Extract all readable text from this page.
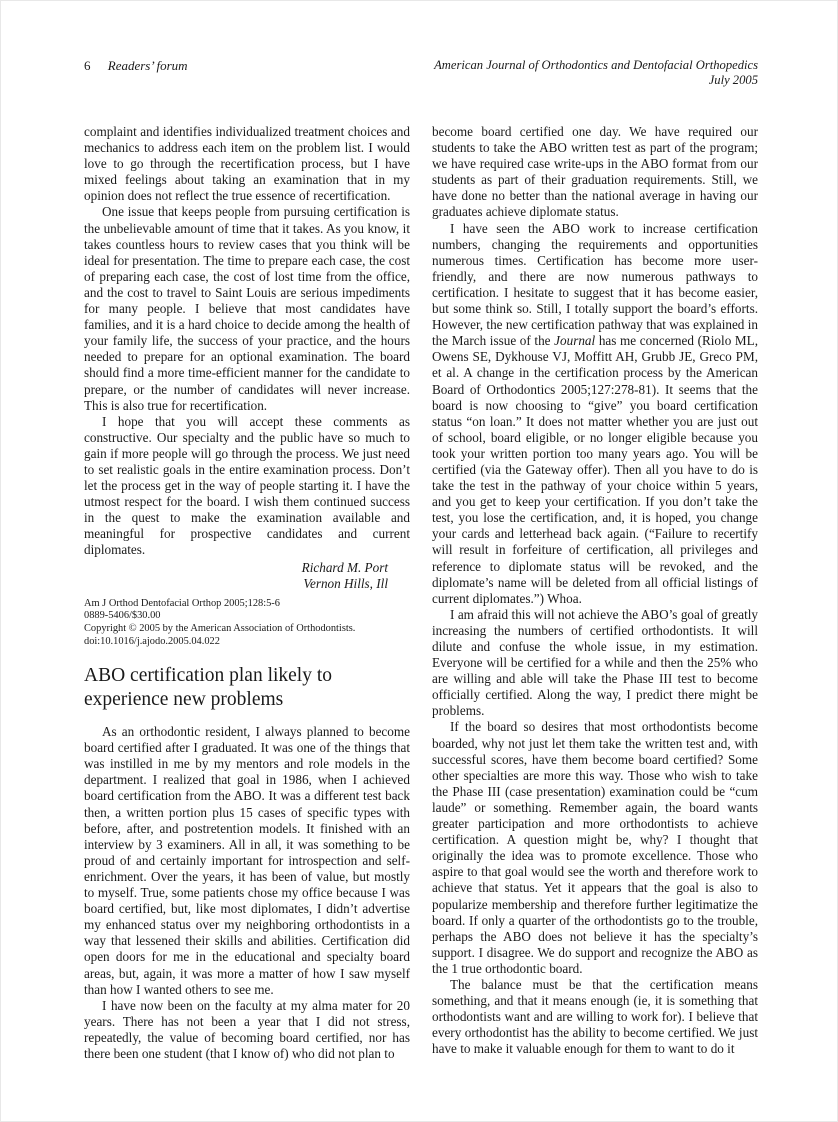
6 Readers’ forum	American Journal of Orthodontics and Dentofacial Orthopedics
July 2005

complaint and identifies individualized treatment choices and mechanics to address each item on the problem list. I would love to go through the recertification process, but I have mixed feelings about taking an examination that in my opinion does not reflect the true essence of recertification.

One issue that keeps people from pursuing certification is the unbelievable amount of time that it takes. As you know, it takes countless hours to review cases that you think will be ideal for presentation. The time to prepare each case, the cost of preparing each case, the cost of lost time from the office, and the cost to travel to Saint Louis are serious impediments for many people. I believe that most candidates have families, and it is a hard choice to decide among the health of your family life, the success of your practice, and the hours needed to prepare for an optional examination. The board should find a more time-efficient manner for the candidate to prepare, or the number of candidates will never increase. This is also true for recertification.

I hope that you will accept these comments as constructive. Our specialty and the public have so much to gain if more people will go through the process. We just need to set realistic goals in the entire examination process. Don’t let the process get in the way of people starting it. I have the utmost respect for the board. I wish them continued success in the quest to make the examination available and meaningful for prospective candidates and current diplomates.

Richard M. Port
Vernon Hills, Ill
Am J Orthod Dentofacial Orthop 2005;128:5-6
0889-5406/$30.00
Copyright © 2005 by the American Association of Orthodontists.
doi:10.1016/j.ajodo.2005.04.022
ABO certification plan likely to experience new problems

As an orthodontic resident, I always planned to become board certified after I graduated. It was one of the things that was instilled in me by my mentors and role models in the department. I realized that goal in 1986, when I achieved board certification from the ABO. It was a different test back then, a written portion plus 15 cases of specific types with before, after, and postretention models. It finished with an interview by 3 examiners. All in all, it was something to be proud of and certainly important for introspection and self-enrichment. Over the years, it has been of value, but mostly to myself. True, some patients chose my office because I was board certified, but, like most diplomates, I didn’t advertise my enhanced status over my neighboring orthodontists in a way that lessened their skills and abilities. Certification did open doors for me in the educational and specialty board areas, but, again, it was more a matter of how I saw myself than how I wanted others to see me.

I have now been on the faculty at my alma mater for 20 years. There has not been a year that I did not stress, repeatedly, the value of becoming board certified, nor has there been one student (that I know of) who did not plan to

become board certified one day. We have required our students to take the ABO written test as part of the program; we have required case write-ups in the ABO format from our students as part of their graduation requirements. Still, we have done no better than the national average in having our graduates achieve diplomate status.

I have seen the ABO work to increase certification numbers, changing the requirements and opportunities numerous times. Certification has become more user-friendly, and there are now numerous pathways to certification. I hesitate to suggest that it has become easier, but some think so. Still, I totally support the board’s efforts. However, the new certification pathway that was explained in the March issue of the Journal has me concerned (Riolo ML, Owens SE, Dykhouse VJ, Moffitt AH, Grubb JE, Greco PM, et al. A change in the certification process by the American Board of Orthodontics 2005;127:278-81). It seems that the board is now choosing to “give” you board certification status “on loan.” It does not matter whether you are just out of school, board eligible, or no longer eligible because you took your written portion too many years ago. You will be certified (via the Gateway offer). Then all you have to do is take the test in the pathway of your choice within 5 years, and you get to keep your certification. If you don’t take the test, you lose the certification, and, it is hoped, you change your cards and letterhead back again. (“Failure to recertify will result in forfeiture of certification, all privileges and reference to diplomate status will be revoked, and the diplomate’s name will be deleted from all official listings of current diplomates.”) Whoa.

I am afraid this will not achieve the ABO’s goal of greatly increasing the numbers of certified orthodontists. It will dilute and confuse the whole issue, in my estimation. Everyone will be certified for a while and then the 25% who are willing and able will take the Phase III test to become officially certified. Along the way, I predict there might be problems.

If the board so desires that most orthodontists become boarded, why not just let them take the written test and, with successful scores, have them become board certified? Some other specialties are more this way. Those who wish to take the Phase III (case presentation) examination could be “cum laude” or something. Remember again, the board wants greater participation and more orthodontists to achieve certification. A question might be, why? I thought that originally the idea was to promote excellence. Those who aspire to that goal would see the worth and therefore work to achieve that status. Yet it appears that the goal is also to popularize membership and therefore further legitimatize the board. If only a quarter of the orthodontists go to the trouble, perhaps the ABO does not believe it has the specialty’s support. I disagree. We do support and recognize the ABO as the 1 true orthodontic board.

The balance must be that the certification means something, and that it means enough (ie, it is something that orthodontists want and are willing to work for). I believe that every orthodontist has the ability to become certified. We just have to make it valuable enough for them to want to do it
